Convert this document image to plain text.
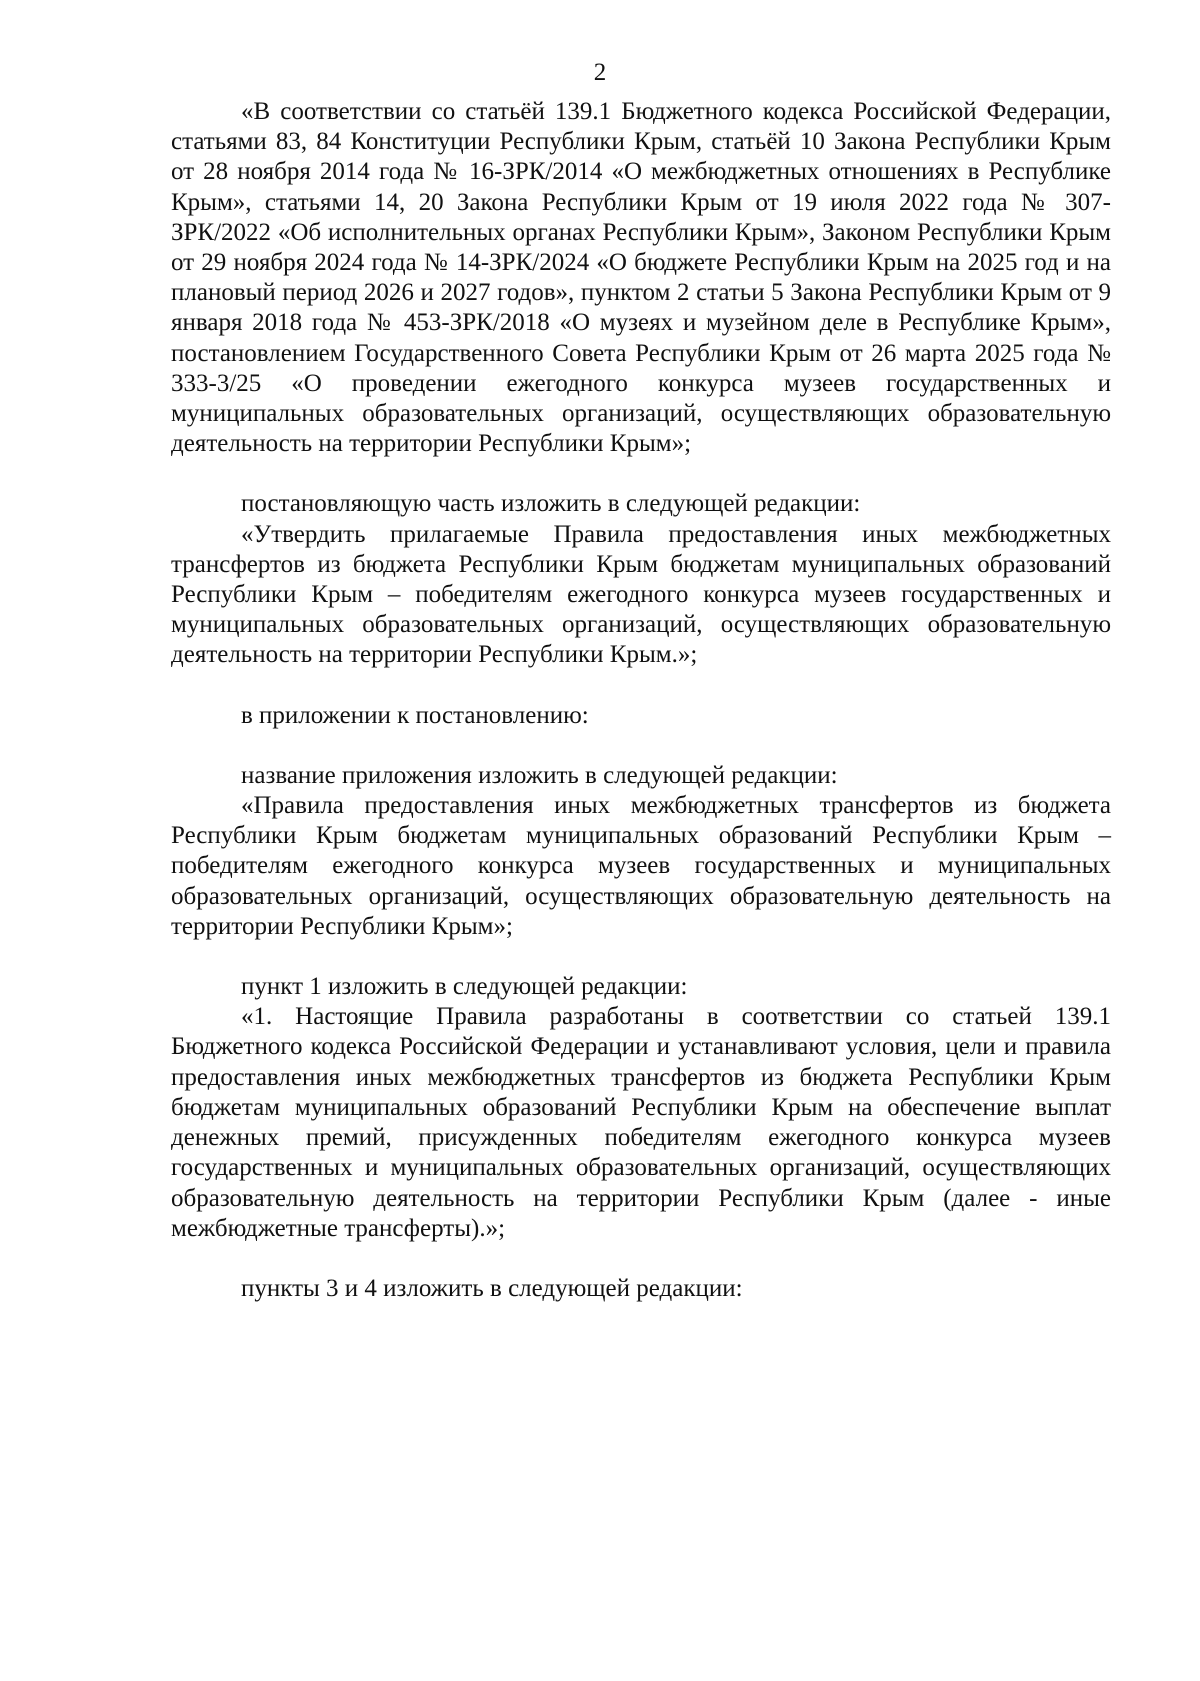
2

«В соответствии со статьёй 139.1 Бюджетного кодекса Российской Федерации, статьями 83, 84 Конституции Республики Крым, статьёй 10 Закона Республики Крым от 28 ноября 2014 года № 16-ЗРК/2014 «О межбюджетных отношениях в Республике Крым», статьями 14, 20 Закона Республики Крым от 19 июля 2022 года № 307-ЗРК/2022 «Об исполнительных органах Республики Крым», Законом Республики Крым от 29 ноября 2024 года № 14-ЗРК/2024 «О бюджете Республики Крым на 2025 год и на плановый период 2026 и 2027 годов», пунктом 2 статьи 5 Закона Республики Крым от 9 января 2018 года № 453-ЗРК/2018 «О музеях и музейном деле в Республике Крым», постановлением Государственного Совета Республики Крым от 26 марта 2025 года № 333-3/25 «О проведении ежегодного конкурса музеев государственных и муниципальных образовательных организаций, осуществляющих образовательную деятельность на территории Республики Крым»;

постановляющую часть изложить в следующей редакции:

«Утвердить прилагаемые Правила предоставления иных межбюджетных трансфертов из бюджета Республики Крым бюджетам муниципальных образований Республики Крым – победителям ежегодного конкурса музеев государственных и муниципальных образовательных организаций, осуществляющих образовательную деятельность на территории Республики Крым.»;

в приложении к постановлению:

название приложения изложить в следующей редакции:

«Правила предоставления иных межбюджетных трансфертов из бюджета Республики Крым бюджетам муниципальных образований Республики Крым – победителям ежегодного конкурса музеев государственных и муниципальных образовательных организаций, осуществляющих образовательную деятельность на территории Республики Крым»;

пункт 1 изложить в следующей редакции:

«1. Настоящие Правила разработаны в соответствии со статьей 139.1 Бюджетного кодекса Российской Федерации и устанавливают условия, цели и правила предоставления иных межбюджетных трансфертов из бюджета Республики Крым бюджетам муниципальных образований Республики Крым на обеспечение выплат денежных премий, присужденных победителям ежегодного конкурса музеев государственных и муниципальных образовательных организаций, осуществляющих образовательную деятельность на территории Республики Крым (далее - иные межбюджетные трансферты).»;

пункты 3 и 4 изложить в следующей редакции:
